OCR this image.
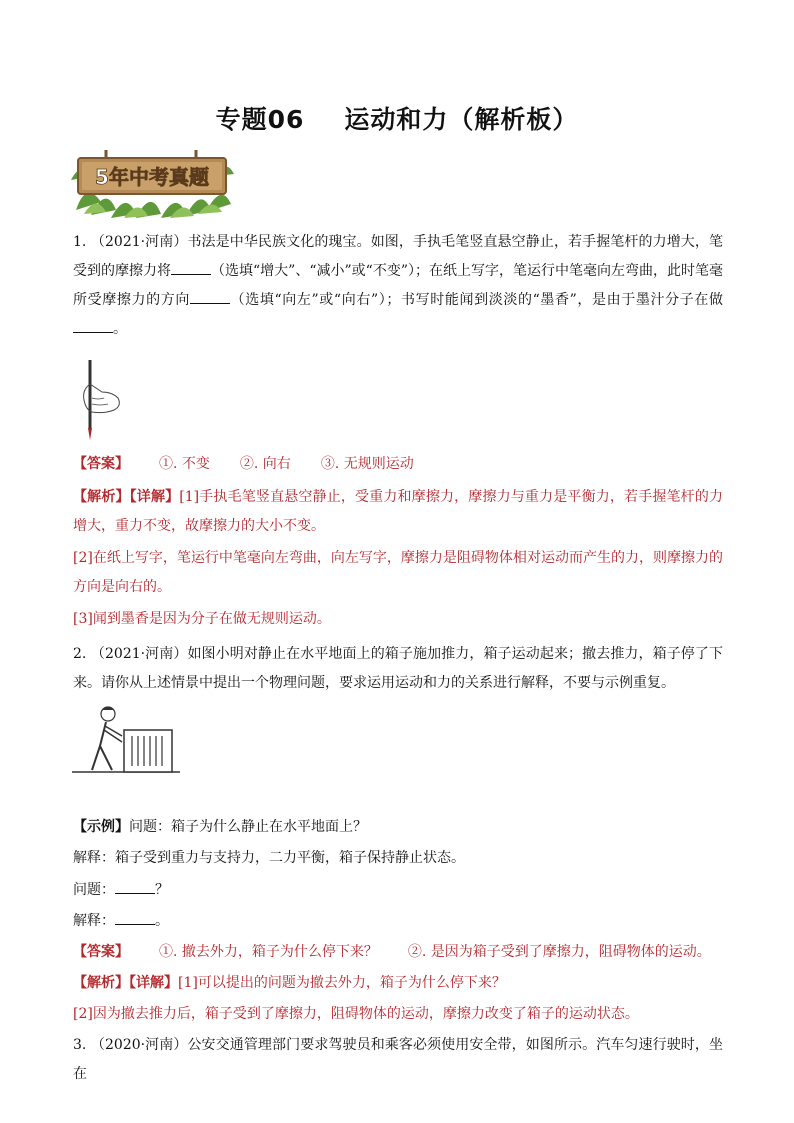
专题06 运动和力（解析板）
5年中考真题
1. （2021·河南）书法是中华民族文化的瑰宝。如图，手执毛笔竖直悬空静止，若手握笔杆的力增大，笔受到的摩擦力将	（选填“增大”、“减小”或“不变”）；在纸上写字，笔运行中笔毫向左弯曲，此时笔毫所受摩擦力的方向	（选填“向左”或“向右”）；书写时能闻到淡淡的“墨香”，是由于墨汁分子在做。
【答案】 ①. 不变 ②. 向右 ③. 无规则运动
【解析】【详解】[1]手执毛笔竖直悬空静止，受重力和摩擦力，摩擦力与重力是平衡力，若手握笔杆的力增大，重力不变，故摩擦力的大小不变。
[2]在纸上写字，笔运行中笔毫向左弯曲，向左写字，摩擦力是阻碍物体相对运动而产生的力，则摩擦力的方向是向右的。
[3]闻到墨香是因为分子在做无规则运动。
2. （2021·河南）如图小明对静止在水平地面上的箱子施加推力，箱子运动起来；撤去推力，箱子停了下来。请你从上述情景中提出一个物理问题，要求运用运动和力的关系进行解释，不要与示例重复。
【示例】问题：箱子为什么静止在水平地面上？
解释：箱子受到重力与支持力，二力平衡，箱子保持静止状态。
问题：	？
解释：	。
【答案】 ①. 撤去外力，箱子为什么停下来？ ②. 是因为箱子受到了摩擦力，阻碍物体的运动。
【解析】【详解】[1]可以提出的问题为撤去外力，箱子为什么停下来？
[2]因为撤去推力后，箱子受到了摩擦力，阻碍物体的运动，摩擦力改变了箱子的运动状态。
3. （2020·河南）公安交通管理部门要求驾驶员和乘客必须使用安全带，如图所示。汽车匀速行驶时，坐在
